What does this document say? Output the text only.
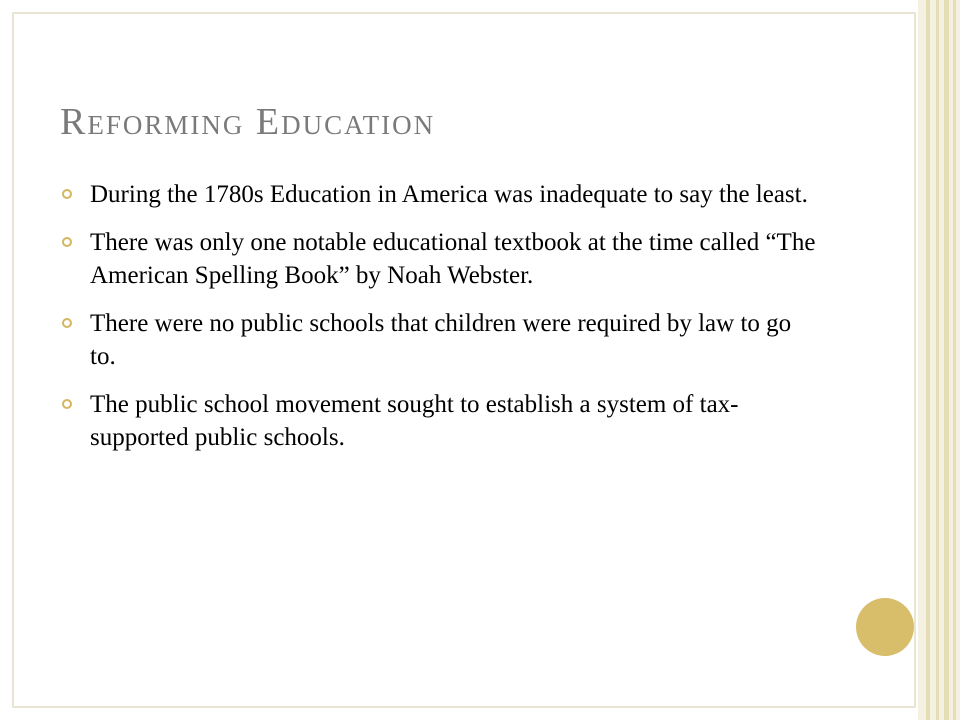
Reforming Education
During the 1780s Education in America was inadequate to say the least.
There was only one notable educational textbook at the time called “The American Spelling Book” by Noah Webster.
There were no public schools that children were required by law to go to.
The public school movement sought to establish a system of tax-supported public schools.
